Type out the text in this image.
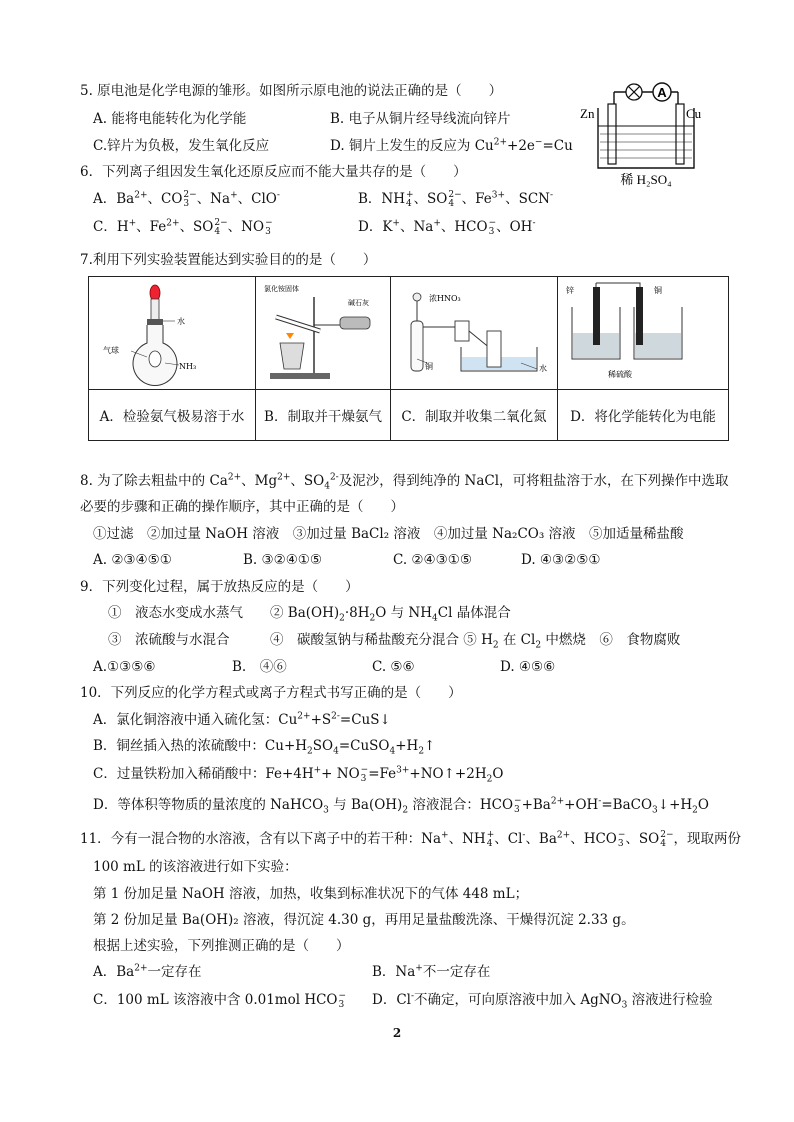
5. 原电池是化学电源的雏形。如图所示原电池的说法正确的是（　　）
A. 能将电能转化为化学能	B. 电子从铜片经导线流向锌片
C.锌片为负极，发生氧化反应	D. 铜片上发生的反应为 $Cu^{2+}+2e^-=Cu$
A
Zn	Cu
稀 H₂SO₄
6．下列离子组因发生氧化还原反应而不能大量共存的是（　　）
A．$Ba^{2+}$、CO 2−
3 、Na+、ClO-	B．NH +
4 、SO 2−
4 、$Fe^{3+}$、SCN-
C．H+、$Fe^{2+}$、SO 2−
4 、NO −
3	D．K+、Na+、HCO −
3 、OH-
7.利用下列实验装置能达到实验目的的是（　　）
水
气球
NH₃	氯化铵固体
碱石灰	浓HNO₃
铜 水	锌 铜
稀硫酸

A．检验氨气极易溶于水	B．制取并干燥氨气	C．制取并收集二氧化氮	D．将化学能转化为电能
8. 为了除去粗盐中的 $Ca^{2+}$、$Mg^{2+}$、$SO_4^{2-}$及泥沙，得到纯净的 NaCl，可将粗盐溶于水，在下列操作中选取
必要的步骤和正确的操作顺序，其中正确的是（　　）
①过滤　②加过量 NaOH 溶液　③加过量 BaCl₂ 溶液　④加过量 Na₂CO₃ 溶液　⑤加适量稀盐酸
A. ②③④⑤①	B. ③②④①⑤	C. ②④③①⑤	D. ④③②⑤①
9．下列变化过程，属于放热反应的是（　　）
①　液态水变成水蒸气　　② $Ba(OH)_2\cdot 8H_2O$ 与 $NH_4Cl$ 晶体混合
③　浓硫酸与水混合　　　④　碳酸氢钠与稀盐酸充分混合 ⑤ $H_2$ 在 $Cl_2$ 中燃烧　⑥　食物腐败
A.①③⑤⑥	B.　④⑥	C. ⑤⑥	D. ④⑤⑥
10．下列反应的化学方程式或离子方程式书写正确的是（　　）
A．氯化铜溶液中通入硫化氢：$Cu^{2+}+S^{2-}=CuS↓$
B．铜丝插入热的浓硫酸中：$Cu+H_2SO_4=CuSO_4+H_2↑$
C．过量铁粉加入稀硝酸中：Fe+4H++ NO −
$3 =Fe^{3+}+NO↑+2H_2O$
D．等体积等物质的量浓度的 NaHCO$_3$ 与 $Ba(OH)_2$ 溶液混合：HCO −
$3 +Ba^{2+}+OH^-=BaCO_3↓+H_2O$
11．今有一混合物的水溶液，含有以下离子中的若干种：Na+、NH +
4 、Cl-、$Ba^{2+}$、HCO −
3 、SO 2−
4 ，现取两份
100 mL 的该溶液进行如下实验：
第 1 份加足量 NaOH 溶液，加热，收集到标准状况下的气体 448 mL；
第 2 份加足量 Ba(OH)₂ 溶液，得沉淀 4.30 g，再用足量盐酸洗涤、干燥得沉淀 2.33 g。
根据上述实验，下列推测正确的是（　　）
A．$Ba^{2+}$一定存在	B．Na+不一定存在
C．100 mL 该溶液中含 0.01mol HCO −
3 D．Cl-不确定，可向原溶液中加入 AgNO$_3$ 溶液进行检验
2
